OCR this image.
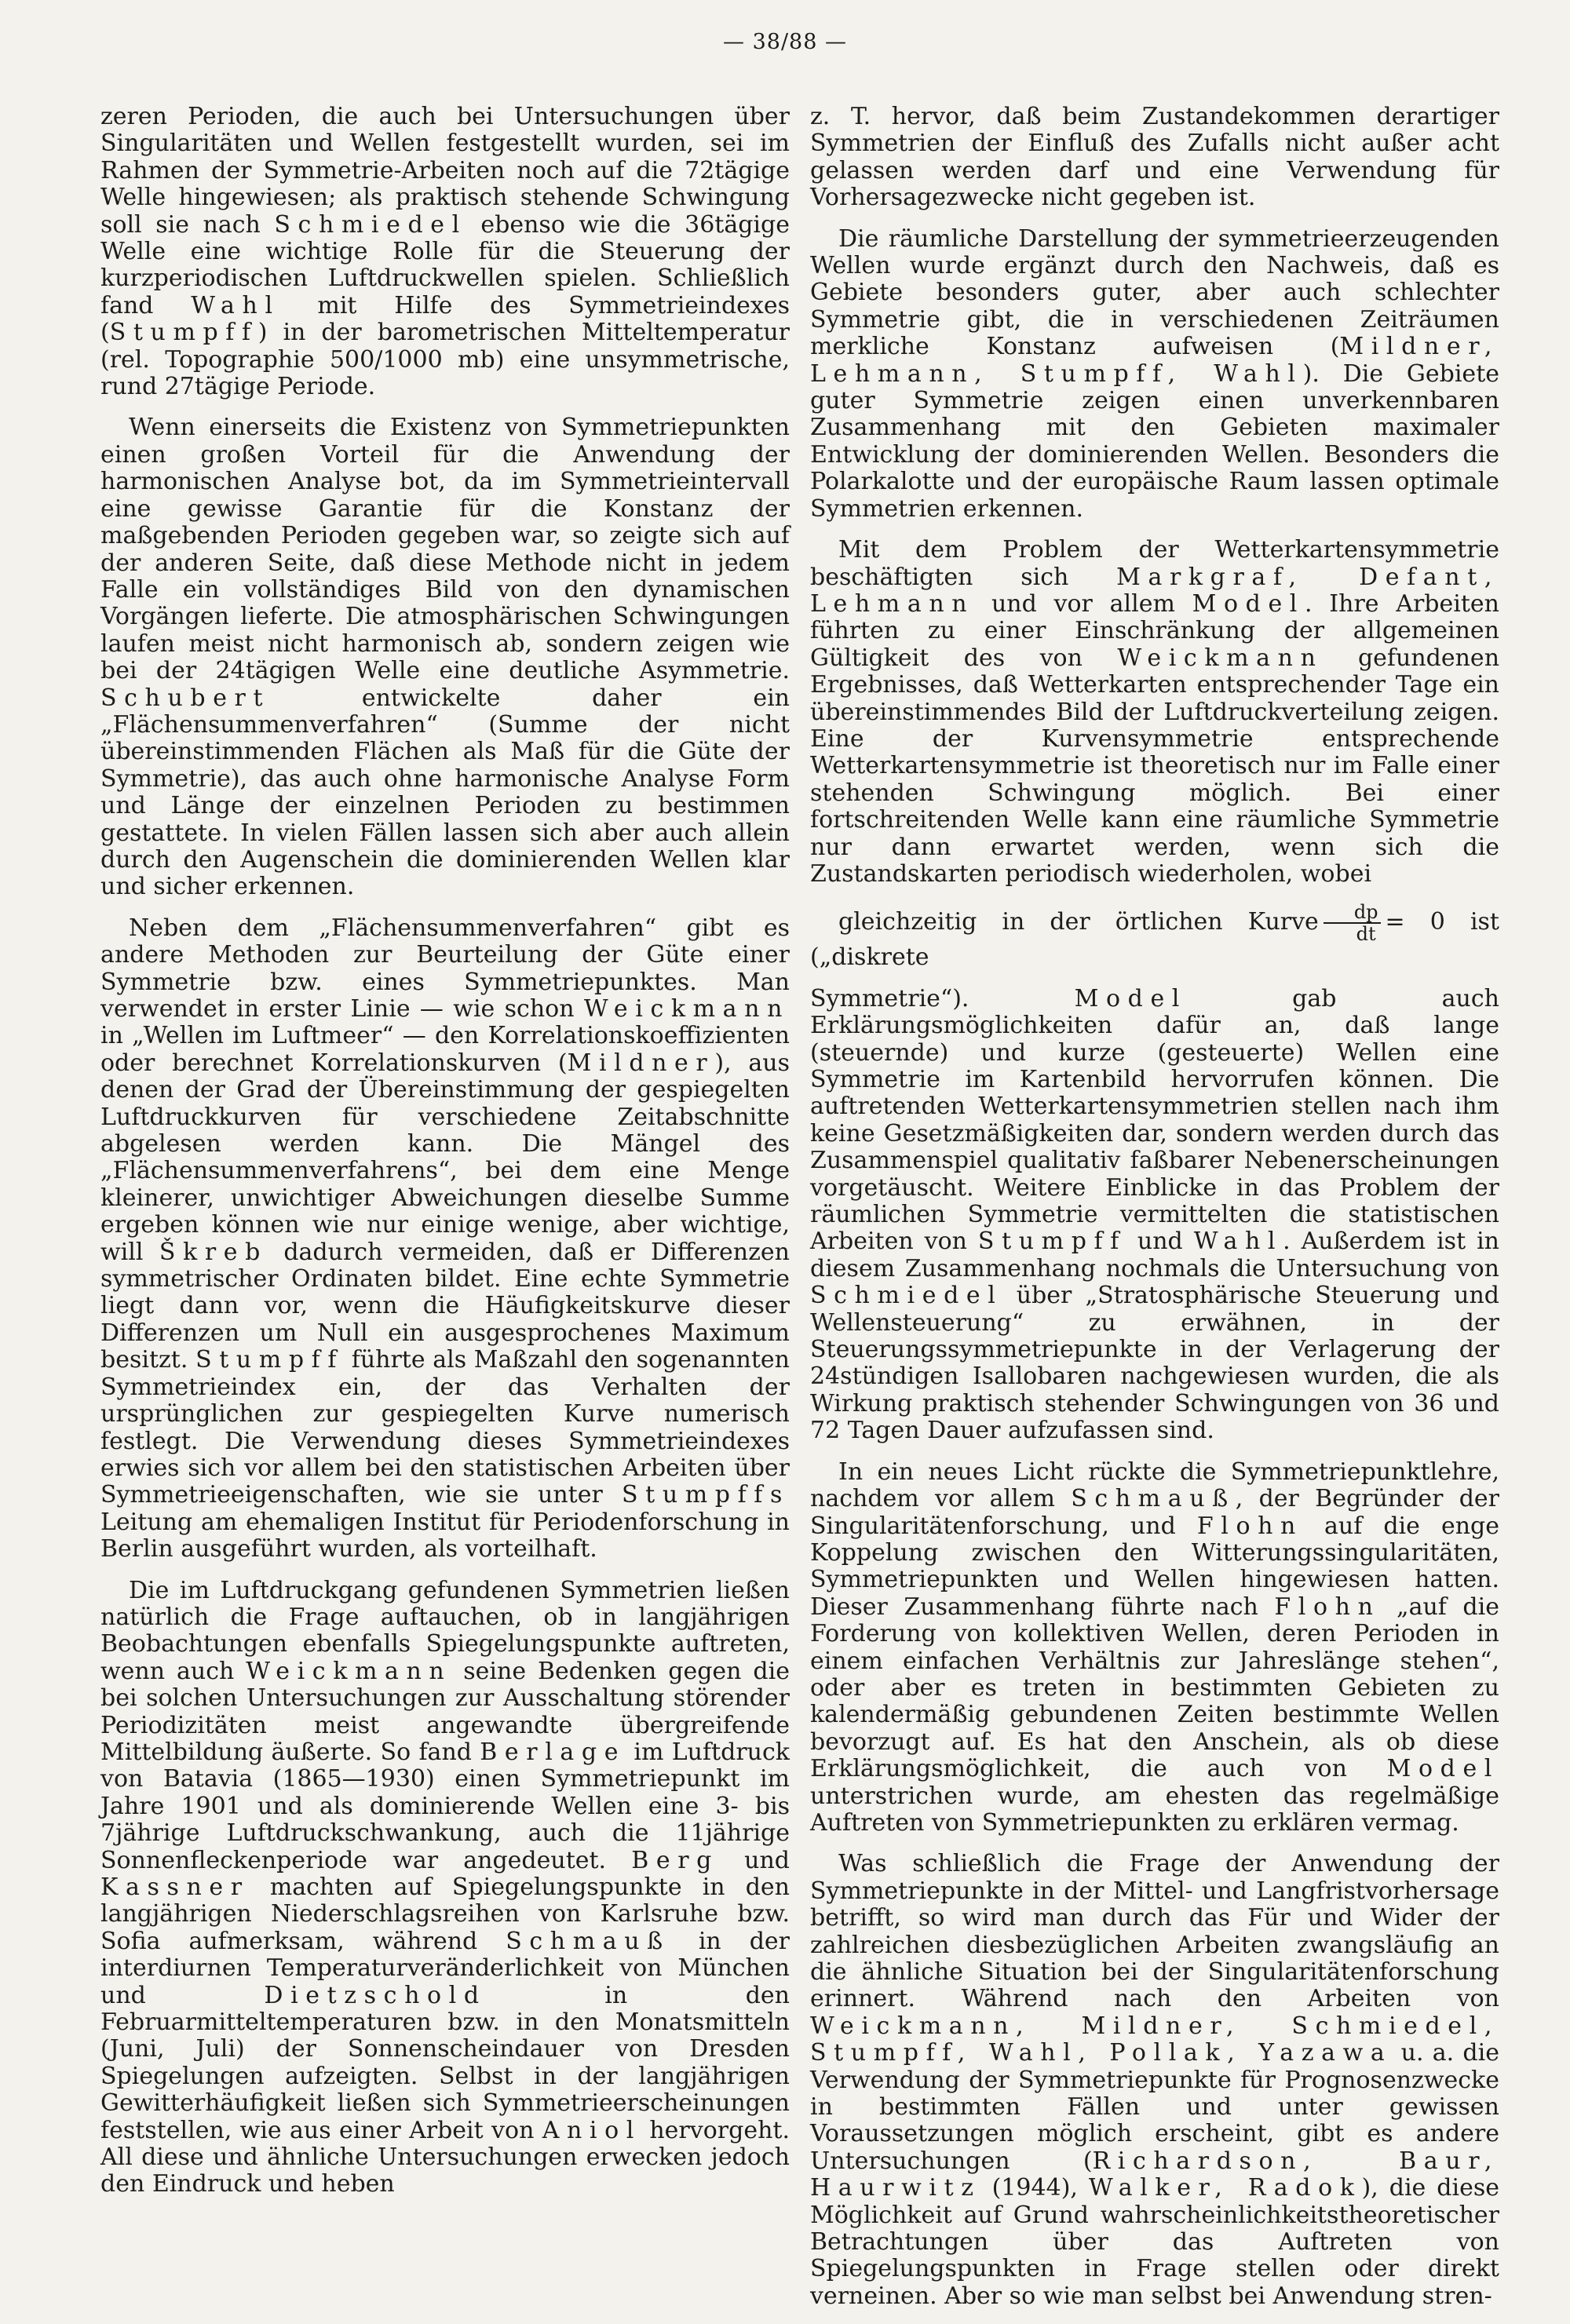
— 38/88 —

zeren Perioden, die auch bei Untersuchungen über Singularitäten und Wellen festgestellt wurden, sei im Rahmen der Symmetrie-Arbeiten noch auf die 72tägige Welle hingewiesen; als praktisch stehende Schwingung soll sie nach Schmiedel ebenso wie die 36tägige Welle eine wichtige Rolle für die Steuerung der kurzperiodischen Luftdruckwellen spielen. Schließlich fand Wahl mit Hilfe des Symmetrieindexes (Stumpff) in der barometrischen Mitteltemperatur (rel. Topographie 500/1000 mb) eine unsymmetrische, rund 27tägige Periode.

Wenn einerseits die Existenz von Symmetriepunkten einen großen Vorteil für die Anwendung der harmonischen Analyse bot, da im Symmetrieintervall eine gewisse Garantie für die Konstanz der maßgebenden Perioden gegeben war, so zeigte sich auf der anderen Seite, daß diese Methode nicht in jedem Falle ein vollständiges Bild von den dynamischen Vorgängen lieferte. Die atmosphärischen Schwingungen laufen meist nicht harmonisch ab, sondern zeigen wie bei der 24tägigen Welle eine deutliche Asymmetrie. Schubert	entwickelte daher ein „Flächensummenverfahren“ (Summe der nicht übereinstimmenden Flächen als Maß für die Güte der Symmetrie), das auch ohne harmonische Analyse Form und Länge der einzelnen Perioden zu bestimmen gestattete. In vielen Fällen lassen sich aber auch allein durch den Augenschein die dominierenden Wellen klar und sicher erkennen.

Neben dem „Flächensummenverfahren“ gibt es andere Methoden zur Beurteilung der Güte einer Symmetrie bzw. eines Symmetriepunktes. Man verwendet in erster Linie — wie schon Weickmann in „Wellen im Luftmeer“ — den Korrelationskoeffizienten oder berechnet Korrelationskurven (Mildner), aus denen der Grad der Übereinstimmung der gespiegelten Luftdruckkurven für verschiedene Zeitabschnitte abgelesen werden kann. Die Mängel des „Flächensummenverfahrens“, bei dem eine Menge kleinerer, unwichtiger Abweichungen dieselbe Summe ergeben können wie nur einige wenige, aber wichtige, will Škreb dadurch vermeiden, daß er Differenzen symmetrischer Ordinaten bildet. Eine echte Symmetrie liegt dann vor, wenn die Häufigkeitskurve dieser Differenzen um Null ein ausgesprochenes Maximum besitzt. Stumpff führte als Maßzahl den sogenannten Symmetrieindex ein, der das Verhalten der ursprünglichen zur gespiegelten Kurve numerisch festlegt. Die Verwendung dieses Symmetrieindexes erwies sich vor allem bei den statistischen Arbeiten über Symmetrieeigenschaften, wie sie unter Stumpffs Leitung am ehemaligen Institut für Periodenforschung in Berlin ausgeführt wurden, als vorteilhaft.

Die im Luftdruckgang gefundenen Symmetrien ließen natürlich die Frage auftauchen, ob in langjährigen Beobachtungen ebenfalls Spiegelungspunkte auftreten, wenn auch Weickmann seine Bedenken gegen die bei solchen Untersuchungen zur Ausschaltung störender Periodizitäten meist angewandte übergreifende Mittelbildung äußerte. So fand Berlage im Luftdruck von Batavia (1865—1930) einen Symmetriepunkt im Jahre 1901 und als dominierende Wellen eine 3- bis 7jährige Luftdruckschwankung, auch die 11jährige Sonnenfleckenperiode war angedeutet. Berg und Kassner machten auf Spiegelungspunkte in den langjährigen Niederschlagsreihen von Karlsruhe bzw. Sofia aufmerksam, während Schmauß in der interdiurnen Temperaturveränderlichkeit von München und	Dietzschold	in den Februarmitteltemperaturen bzw. in den Monatsmitteln (Juni, Juli) der Sonnenscheindauer von Dresden Spiegelungen aufzeigten. Selbst in der langjährigen Gewitterhäufigkeit ließen sich Symmetrieerscheinungen feststellen, wie aus einer Arbeit von Aniol hervorgeht. All diese und ähnliche Untersuchungen erwecken jedoch den Eindruck und heben

z. T. hervor, daß beim Zustandekommen derartiger Symmetrien der Einfluß des Zufalls nicht außer acht gelassen werden darf und eine Verwendung für Vorhersagezwecke nicht gegeben ist.

Die räumliche Darstellung der symmetrieerzeugenden Wellen wurde ergänzt durch den Nachweis, daß es Gebiete besonders guter, aber auch schlechter Symmetrie gibt, die in verschiedenen Zeiträumen merkliche Konstanz aufweisen (Mildner, Lehmann, Stumpff, Wahl). Die Gebiete guter Symmetrie zeigen einen unverkennbaren Zusammenhang mit den Gebieten maximaler Entwicklung der dominierenden Wellen. Besonders die Polarkalotte und der europäische Raum lassen optimale Symmetrien erkennen.

Mit dem Problem der Wetterkartensymmetrie beschäftigten sich Markgraf, Defant, Lehmann und vor allem Model. Ihre Arbeiten führten zu einer Einschränkung der allgemeinen Gültigkeit des von Weickmann gefundenen Ergebnisses, daß Wetterkarten entsprechender Tage ein übereinstimmendes Bild der Luftdruckverteilung zeigen. Eine der Kurvensymmetrie entsprechende Wetterkartensymmetrie ist theoretisch nur im Falle einer stehenden Schwingung möglich. Bei einer fortschreitenden Welle kann eine räumliche Symmetrie nur dann erwartet werden, wenn sich die Zustandskarten periodisch wiederholen, wobei

gleichzeitig in der örtlichen Kurve $\frac{dp}{dt} = 0$ ist („diskrete

Symmetrie“).	Model	gab auch Erklärungsmöglichkeiten dafür an, daß lange (steuernde) und kurze (gesteuerte) Wellen eine Symmetrie im Kartenbild hervorrufen können. Die auftretenden Wetterkartensymmetrien stellen nach ihm keine Gesetzmäßigkeiten dar, sondern werden durch das Zusammenspiel qualitativ faßbarer Nebenerscheinungen vorgetäuscht. Weitere Einblicke in das Problem der räumlichen Symmetrie vermittelten die statistischen Arbeiten von Stumpff und Wahl. Außerdem ist in diesem Zusammenhang nochmals die Untersuchung von Schmiedel über „Stratosphärische Steuerung und Wellensteuerung“ zu erwähnen, in der Steuerungssymmetriepunkte in der Verlagerung der 24stündigen Isallobaren nachgewiesen wurden, die als Wirkung praktisch stehender Schwingungen von 36 und 72 Tagen Dauer aufzufassen sind.

In ein neues Licht rückte die Symmetriepunktlehre, nachdem vor allem Schmauß, der Begründer der Singularitätenforschung, und Flohn auf die enge Koppelung zwischen den Witterungssingularitäten, Symmetriepunkten und Wellen hingewiesen hatten. Dieser Zusammenhang führte nach Flohn „auf die Forderung von kollektiven Wellen, deren Perioden in einem einfachen Verhältnis zur Jahreslänge stehen“, oder aber es treten in bestimmten Gebieten zu kalendermäßig gebundenen Zeiten bestimmte Wellen bevorzugt auf. Es hat den Anschein, als ob diese Erklärungsmöglichkeit, die auch von Model unterstrichen wurde, am ehesten das regelmäßige Auftreten von Symmetriepunkten zu erklären vermag.

Was schließlich die Frage der Anwendung der Symmetriepunkte in der Mittel- und Langfristvorhersage betrifft, so wird man durch das Für und Wider der zahlreichen diesbezüglichen Arbeiten zwangsläufig an die ähnliche Situation bei der Singularitätenforschung erinnert. Während nach den Arbeiten von Weickmann, Mildner, Schmiedel, Stumpff, Wahl, Pollak, Yazawa u. a. die Verwendung der Symmetriepunkte für Prognosenzwecke in bestimmten Fällen und unter gewissen Voraussetzungen möglich erscheint, gibt es andere Untersuchungen (Richardson, Baur, Haurwitz (1944), Walker, Radok), die diese Möglichkeit auf Grund wahrscheinlichkeitstheoretischer Betrachtungen über das Auftreten von Spiegelungspunkten in Frage stellen oder direkt verneinen. Aber so wie man selbst bei Anwendung stren-
